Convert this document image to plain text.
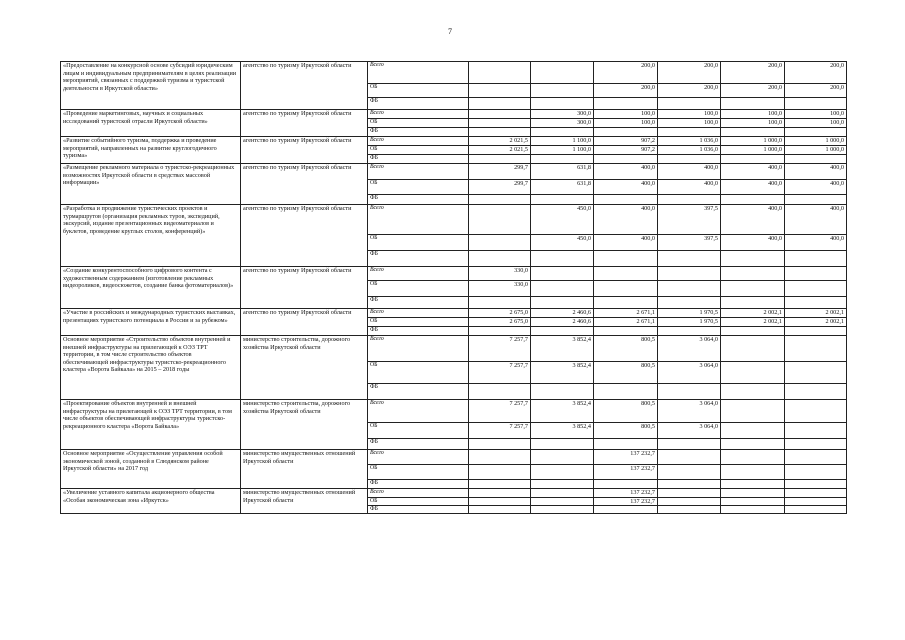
7
«Предоставление на конкурсной основе субсидий юридическим лицам и индивидуальным предпринимателям в целях реализации мероприятий, связанных с поддержкой туризма и туристской деятельности в Иркутской области»	агентство по туризму Иркутской области	Всего			200,0	200,0	200,0	200,0
		ОБ			200,0	200,0	200,0	200,0
		ФБ						
«Проведение маркетинговых, научных и социальных исследований туристской отрасли Иркутской области»	агентство по туризму Иркутской области	Всего		300,0	100,0	100,0	100,0	100,0
		ОБ		300,0	100,0	100,0	100,0	100,0
		ФБ						
«Развитие событийного туризма, поддержка и проведение мероприятий, направленных на развитие круглогодичного туризма»	агентство по туризму Иркутской области	Всего	2 021,5	1 100,0	907,2	1 036,0	1 000,0	1 000,0
		ОБ	2 021,5	1 100,0	907,2	1 036,0	1 000,0	1 000,0
		ФБ						
«Размещение рекламного материала о туристско-рекреационных возможностях Иркутской области в средствах массовой информации»	агентство по туризму Иркутской области	Всего	299,7	631,8	400,0	400,0	400,0	400,0
		ОБ	299,7	631,8	400,0	400,0	400,0	400,0
		ФБ						
«Разработка и продвижение туристических проектов и турмаршрутов (организация рекламных туров, экспедиций, экскурсий, издание презентационных видеоматериалов и буклетов, проведение круглых столов, конференций)»	агентство по туризму Иркутской области	Всего		450,0	400,0	397,5	400,0	400,0
		ОБ		450,0	400,0	397,5	400,0	400,0
		ФБ						
«Создание конкурентоспособного цифрового контента с художественным содержанием (изготовление рекламных видеороликов, видеосюжетов, создание банка фотоматериалов)»	агентство по туризму Иркутской области	Всего	330,0					
		ОБ	330,0					
		ФБ						
«Участие в российских и международных туристских выставках, презентациях туристского потенциала в России и за рубежом»	агентство по туризму Иркутской области	Всего	2 675,0	2 460,6	2 671,1	1 970,5	2 002,1	2 002,1
		ОБ	2 675,0	2 460,6	2 671,1	1 970,5	2 002,1	2 002,1
		ФБ						
Основное мероприятие «Строительство объектов внутренней и внешней инфраструктуры на прилегающей к ОЭЗ ТРТ территории, в том числе строительство объектов обеспечивающей инфраструктуры туристско-рекреационного кластера «Ворота Байкала» на 2015 – 2018 годы	министерство строительства, дорожного хозяйства Иркутской области	Всего	7 257,7	3 852,4	800,5	3 064,0		
		ОБ	7 257,7	3 852,4	800,5	3 064,0		
		ФБ						
«Проектирование объектов внутренней и внешней инфраструктуры на прилегающей к ОЭЗ ТРТ территории, в том числе объектов обеспечивающей инфраструктуры туристско-рекреационного кластера «Ворота Байкала»	министерство строительства, дорожного хозяйства Иркутской области	Всего	7 257,7	3 852,4	800,5	3 064,0		
		ОБ	7 257,7	3 852,4	800,5	3 064,0		
		ФБ						
Основное мероприятие «Осуществление управления особой экономической зоной, созданной в Слюдянском районе Иркутской области» на 2017 год	министерство имущественных отношений Иркутской области	Всего			137 232,7			
		ОБ			137 232,7			
		ФБ						
«Увеличение уставного капитала акционерного общества «Особая экономическая зона «Иркутск»	министерство имущественных отношений Иркутской области	Всего			137 232,7			
		ОБ			137 232,7			
		ФБ						
